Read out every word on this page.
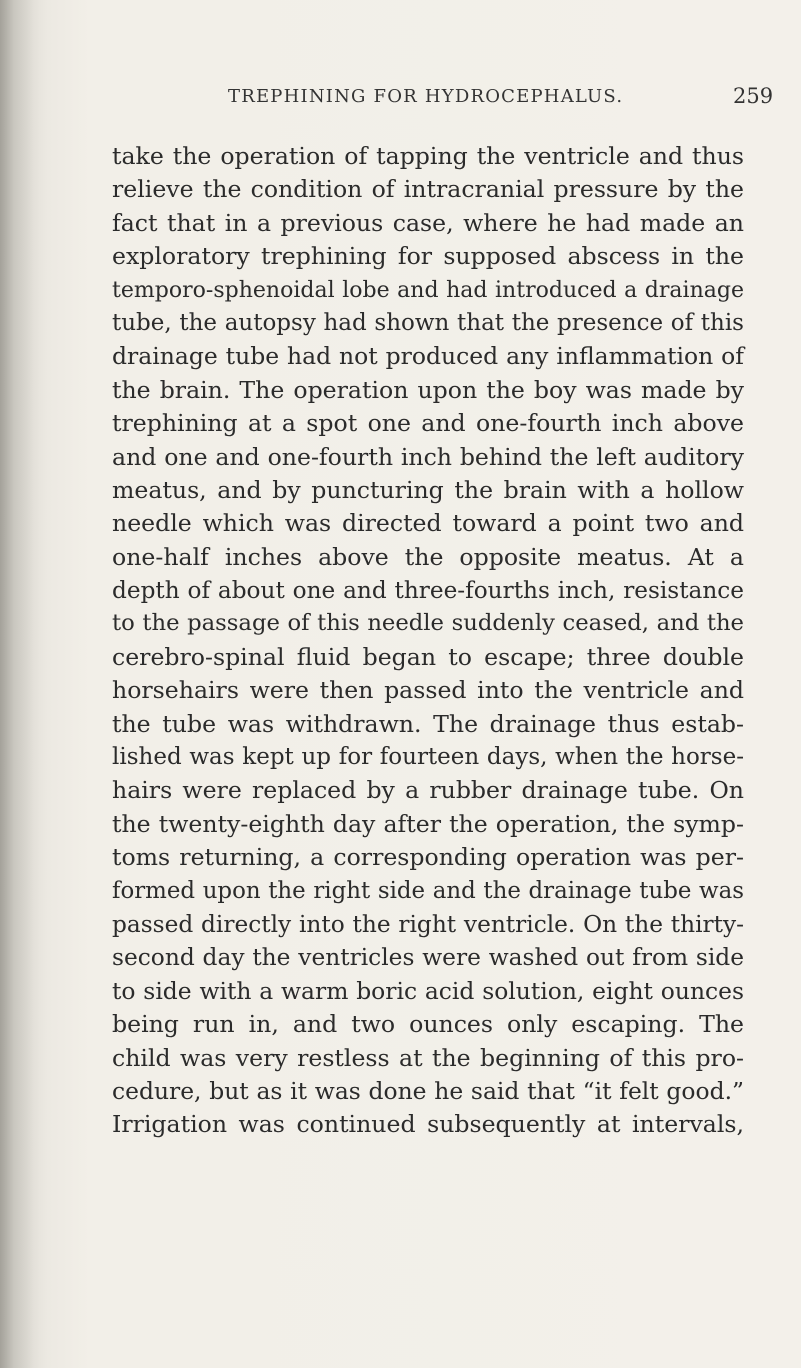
TREPHINING FOR HYDROCEPHALUS.	259
take the operation of tapping the ventricle and thus
relieve the condition of intracranial pressure by the
fact that in a previous case, where he had made an
exploratory trephining for supposed abscess in the
temporo-sphenoidal lobe and had introduced a drainage
tube, the autopsy had shown that the presence of this
drainage tube had not produced any inflammation of
the brain. The operation upon the boy was made by
trephining at a spot one and one-fourth inch above
and one and one-fourth inch behind the left auditory
meatus, and by puncturing the brain with a hollow
needle which was directed toward a point two and
one-half inches above the opposite meatus. At a
depth of about one and three-fourths inch, resistance
to the passage of this needle suddenly ceased, and the
cerebro-spinal fluid began to escape; three double
horsehairs were then passed into the ventricle and
the tube was withdrawn. The drainage thus estab-
lished was kept up for fourteen days, when the horse-
hairs were replaced by a rubber drainage tube. On
the twenty-eighth day after the operation, the symp-
toms returning, a corresponding operation was per-
formed upon the right side and the drainage tube was
passed directly into the right ventricle. On the thirty-
second day the ventricles were washed out from side
to side with a warm boric acid solution, eight ounces
being run in, and two ounces only escaping. The
child was very restless at the beginning of this pro-
cedure, but as it was done he said that “it felt good.”
Irrigation was continued subsequently at intervals,
